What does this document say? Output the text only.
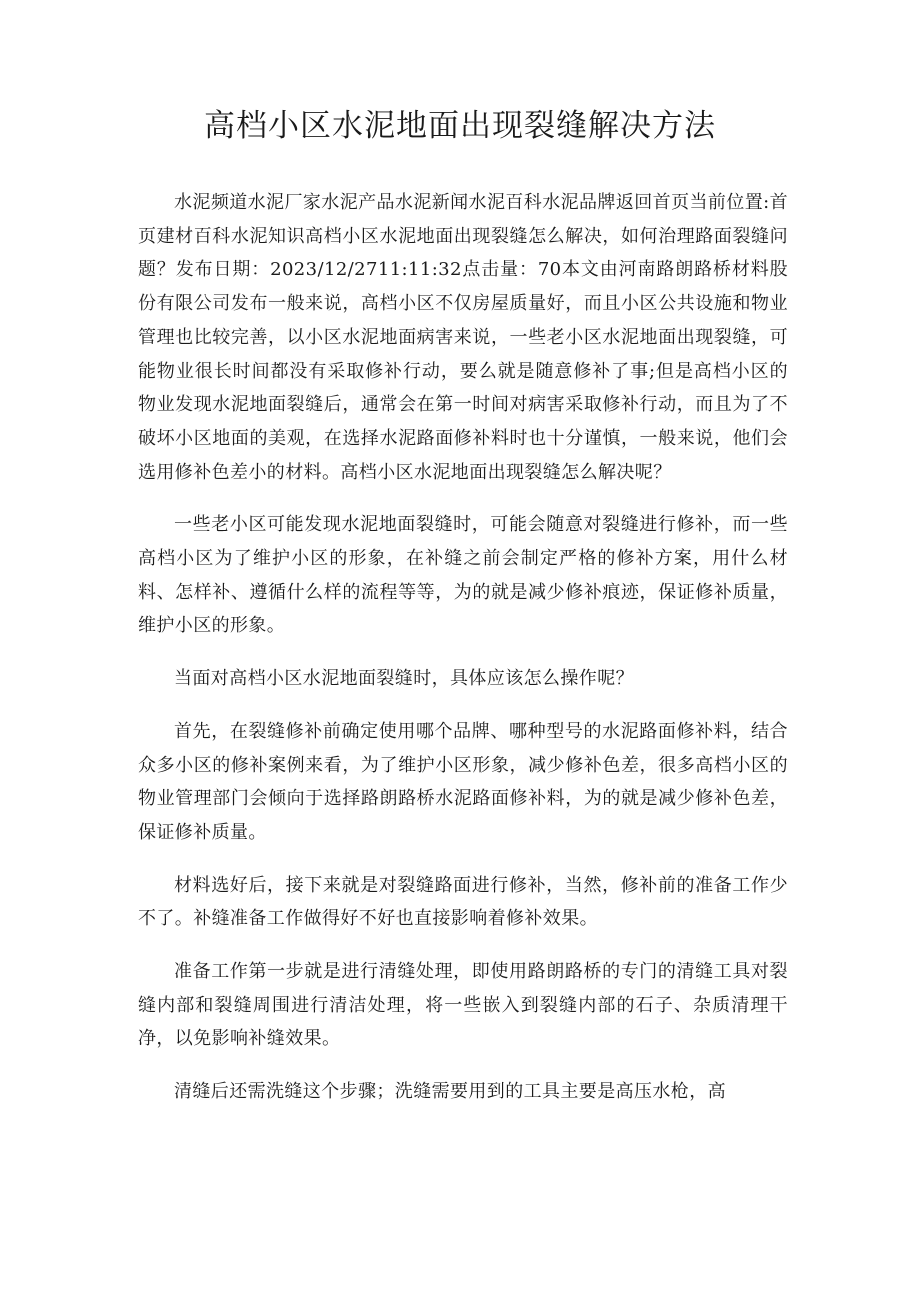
高档小区水泥地面出现裂缝解决方法

水泥频道水泥厂家水泥产品水泥新闻水泥百科水泥品牌返回首页当前位置:首页建材百科水泥知识高档小区水泥地面出现裂缝怎么解决，如何治理路面裂缝问题？发布日期：2023/12/2711:11:32点击量：70本文由河南路朗路桥材料股份有限公司发布一般来说，高档小区不仅房屋质量好，而且小区公共设施和物业管理也比较完善，以小区水泥地面病害来说，一些老小区水泥地面出现裂缝，可能物业很长时间都没有采取修补行动，要么就是随意修补了事;但是高档小区的物业发现水泥地面裂缝后，通常会在第一时间对病害采取修补行动，而且为了不破坏小区地面的美观，在选择水泥路面修补料时也十分谨慎，一般来说，他们会选用修补色差小的材料。高档小区水泥地面出现裂缝怎么解决呢？

一些老小区可能发现水泥地面裂缝时，可能会随意对裂缝进行修补，而一些高档小区为了维护小区的形象，在补缝之前会制定严格的修补方案，用什么材料、怎样补、遵循什么样的流程等等，为的就是减少修补痕迹，保证修补质量，维护小区的形象。

当面对高档小区水泥地面裂缝时，具体应该怎么操作呢？

首先，在裂缝修补前确定使用哪个品牌、哪种型号的水泥路面修补料，结合众多小区的修补案例来看，为了维护小区形象，减少修补色差，很多高档小区的物业管理部门会倾向于选择路朗路桥水泥路面修补料，为的就是减少修补色差，保证修补质量。

材料选好后，接下来就是对裂缝路面进行修补，当然，修补前的准备工作少不了。补缝准备工作做得好不好也直接影响着修补效果。

准备工作第一步就是进行清缝处理，即使用路朗路桥的专门的清缝工具对裂缝内部和裂缝周围进行清洁处理，将一些嵌入到裂缝内部的石子、杂质清理干净，以免影响补缝效果。

清缝后还需洗缝这个步骤；洗缝需要用到的工具主要是高压水枪，高
